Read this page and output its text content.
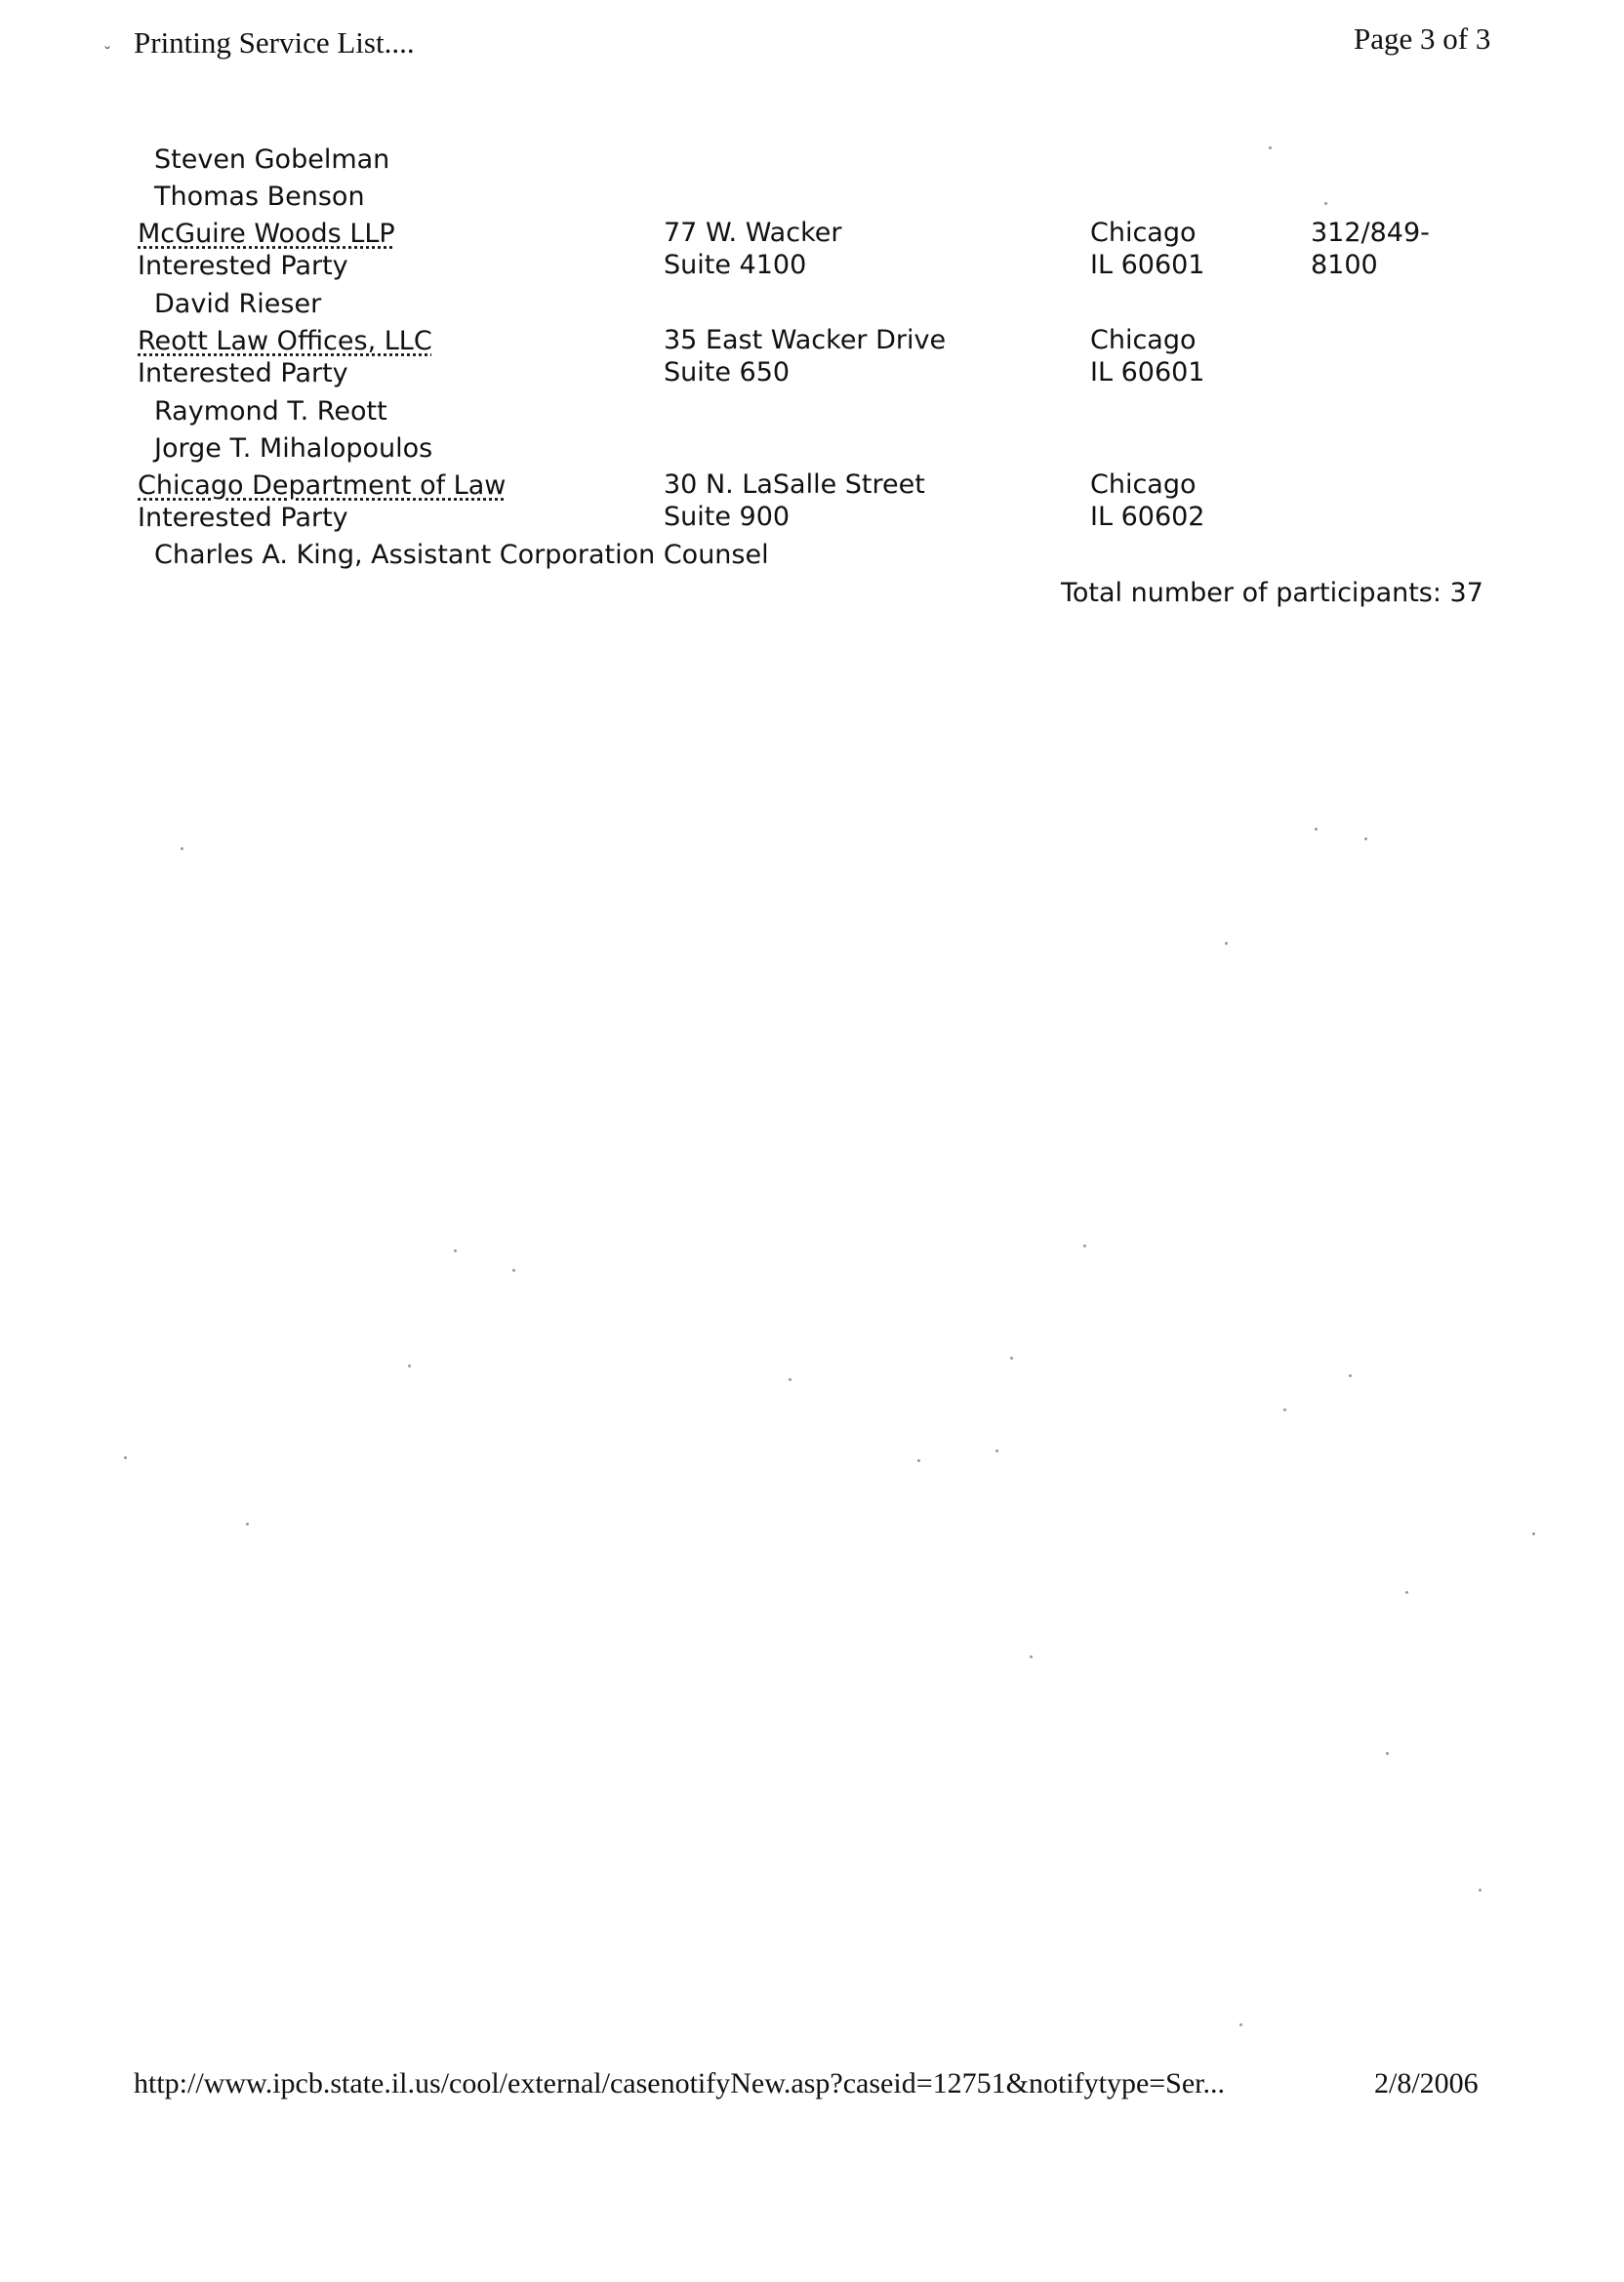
ˇ Printing Service List....	Page 3 of 3
Steven Gobelman
Thomas Benson
McGuire Woods LLP
Interested Party
77 W. Wacker
Suite 4100
Chicago
IL 60601
312/849-
8100
David Rieser
Reott Law Offices, LLC
Interested Party
35 East Wacker Drive
Suite 650
Chicago
IL 60601
Raymond T. Reott
Jorge T. Mihalopoulos
Chicago Department of Law
Interested Party
30 N. LaSalle Street
Suite 900
Chicago
IL 60602
Charles A. King, Assistant Corporation Counsel
Total number of participants: 37
http://www.ipcb.state.il.us/cool/external/casenotifyNew.asp?caseid=12751&notifytype=Ser...	2/8/2006
